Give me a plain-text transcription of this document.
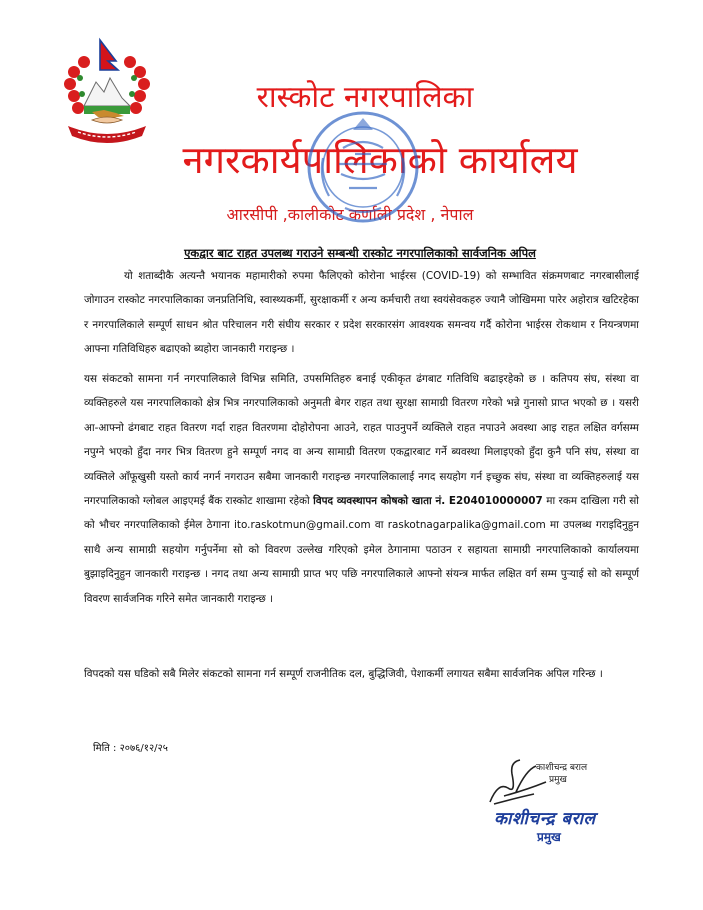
रास्कोट नगरपालिका
नगरकार्यपालिकाको कार्यालय
आरसीपी ,कालीकोट कर्णाली प्रदेश , नेपाल
एकद्वार बाट राहत उपलब्ध गराउने सम्बन्धी रास्कोट नगरपालिकाको सार्वजनिक अपिल
यो शताब्दीकै अत्यन्तै भयानक महामारीको रुपमा फैलिएको कोरोना भाईरस (COVID-19) को सम्भावित संक्रमणबाट नगरबासीलाई जोगाउन रास्कोट नगरपालिकाका जनप्रतिनिधि, स्वास्थ्यकर्मी, सुरक्षाकर्मी र अन्य कर्मचारी तथा स्वयंसेवकहरु ज्यानै जोखिममा पारेर अहोरात्र खटिरहेका र नगरपालिकाले सम्पूर्ण साधन श्रोत परिचालन गरी संघीय सरकार र प्रदेश सरकारसंग आवश्यक समन्वय गर्दै कोरोना भाईरस रोकथाम र नियन्त्रणमा आफ्ना गतिविधिहरु बढाएको ब्यहोरा जानकारी गराइन्छ ।
यस संकटको सामना गर्न नगरपालिकाले विभिन्न समिति, उपसमितिहरु बनाई एकीकृत ढंगबाट गतिविधि बढाइरहेको छ । कतिपय संघ, संस्था वा व्यक्तिहरुले यस नगरपालिकाको क्षेत्र भित्र नगरपालिकाको अनुमती बेगर राहत तथा सुरक्षा सामाग्री वितरण गरेको भन्ने गुनासो प्राप्त भएको छ । यसरी आ-आफ्नो ढंगबाट राहत वितरण गर्दा राहत वितरणमा दोहोरोपना आउने, राहत पाउनुपर्ने व्यक्तिले राहत नपाउने अवस्था आइ राहत लक्षित वर्गसम्म नपुग्ने भएको हुँदा नगर भित्र वितरण हुने सम्पूर्ण नगद वा अन्य सामाग्री वितरण एकद्वारबाट गर्ने ब्यवस्था मिलाइएको हुँदा कुनै पनि संघ, संस्था वा व्यक्तिले आँफूखुसी यस्तो कार्य नगर्न नगराउन सबैमा जानकारी गराइन्छ नगरपालिकालाई नगद सयहोग गर्न इच्छुक संघ, संस्था वा व्यक्तिहरुलाई यस नगरपालिकाको ग्लोबल आइएमई बैंक रास्कोट शाखामा रहेको विपद व्यवस्थापन कोषको खाता नं. E204010000007 मा रकम दाखिला गरी सो को भौचर नगरपालिकाको ईमेल ठेगाना ito.raskotmun@gmail.com वा raskotnagarpalika@gmail.com मा उपलब्ध गराइदिनुहुन साथै अन्य सामाग्री सहयोग गर्नुपर्नेमा सो को विवरण उल्लेख गरिएको इमेल ठेगानामा पठाउन र सहायता सामाग्री नगरपालिकाको कार्यालयमा बुझाइदिनुहुन जानकारी गराइन्छ । नगद तथा अन्य सामाग्री प्राप्त भए पछि नगरपालिकाले आफ्नो संयन्त्र मार्फत लक्षित वर्ग सम्म पुऱ्याई सो को सम्पूर्ण विवरण सार्वजनिक गरिने समेत जानकारी गराइन्छ ।
विपदको यस घडिको सबै मिलेर संकटको सामना गर्न सम्पूर्ण राजनीतिक दल, बुद्धिजिवी, पेशाकर्मी लगायत सबैमा सार्वजनिक अपिल गरिन्छ ।
मिति : २०७६/१२/२५
काशीचन्द्र बराल
प्रमुख
काशीचन्द्र बराल
प्रमुख
